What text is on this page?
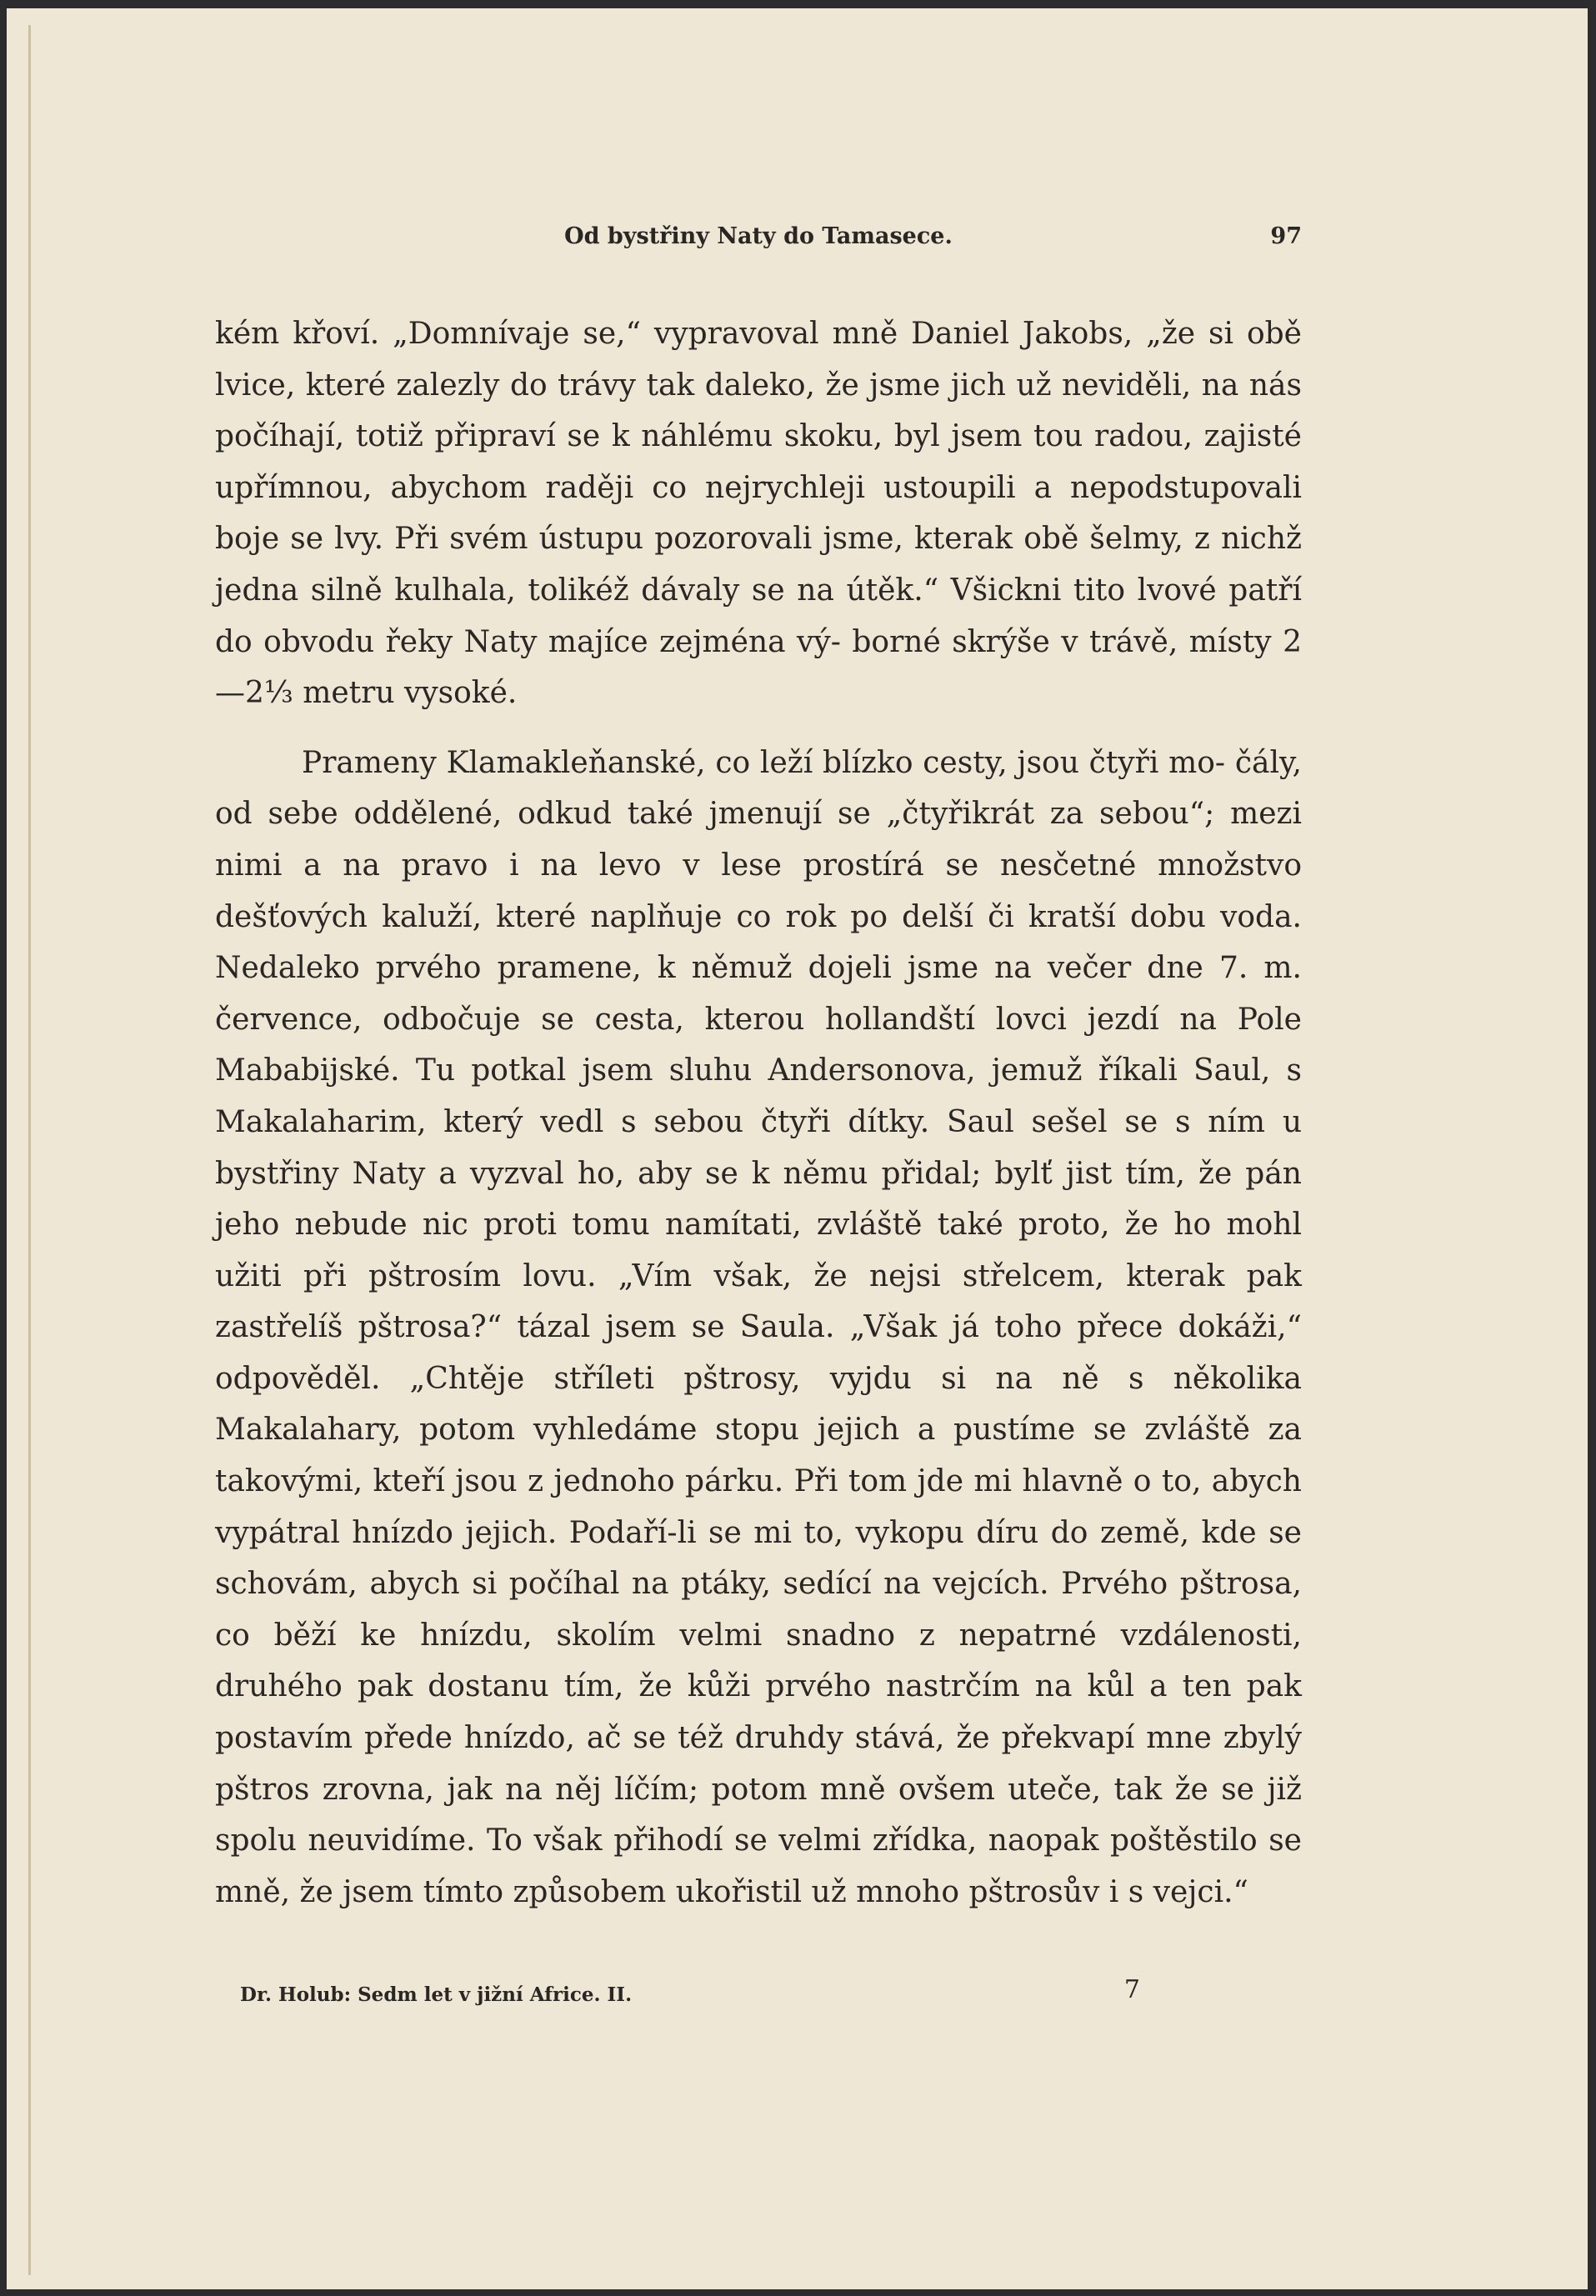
Od bystřiny Naty do Tamasece.	97

kém křoví. „Domnívaje se,“ vypravoval mně Daniel Jakobs, „že si obě lvice, které zalezly do trávy tak daleko, že jsme jich už neviděli, na nás počíhají, totiž připraví se k náhlému skoku, byl jsem tou radou, zajisté upřímnou, abychom raději co nejrychleji ustoupili a nepodstupovali boje se lvy. Při svém ústupu pozorovali jsme, kterak obě šelmy, z nichž jedna silně kulhala, tolikéž dávaly se na útěk.“ Všickni tito lvové patří do obvodu řeky Naty majíce zejména vý- borné skrýše v trávě, místy 2—2⅓ metru vysoké.

Prameny Klamakleňanské, co leží blízko cesty, jsou čtyři mo- čály, od sebe oddělené, odkud také jmenují se „čtyřikrát za sebou“; mezi nimi a na pravo i na levo v lese prostírá se nesčetné množstvo dešťových kaluží, které naplňuje co rok po delší či kratší dobu voda. Nedaleko prvého pramene, k němuž dojeli jsme na večer dne 7. m. července, odbočuje se cesta, kterou hollandští lovci jezdí na Pole Mababijské. Tu potkal jsem sluhu Andersonova, jemuž říkali Saul, s Makalaharim, který vedl s sebou čtyři dítky. Saul sešel se s ním u bystřiny Naty a vyzval ho, aby se k němu přidal; bylť jist tím, že pán jeho nebude nic proti tomu namítati, zvláště také proto, že ho mohl užiti při pštrosím lovu. „Vím však, že nejsi střelcem, kterak pak zastřelíš pštrosa?“ tázal jsem se Saula. „Však já toho přece dokáži,“ odpověděl. „Chtěje stříleti pštrosy, vyjdu si na ně s několika Makalahary, potom vyhledáme stopu jejich a pustíme se zvláště za takovými, kteří jsou z jednoho párku. Při tom jde mi hlavně o to, abych vypátral hnízdo jejich. Podaří-li se mi to, vykopu díru do země, kde se schovám, abych si počíhal na ptáky, sedící na vejcích. Prvého pštrosa, co běží ke hnízdu, skolím velmi snadno z nepatrné vzdálenosti, druhého pak dostanu tím, že kůži prvého nastrčím na kůl a ten pak postavím přede hnízdo, ač se též druhdy stává, že překvapí mne zbylý pštros zrovna, jak na něj líčím; potom mně ovšem uteče, tak že se již spolu neuvidíme. To však přihodí se velmi zřídka, naopak poštěstilo se mně, že jsem tímto způsobem ukořistil už mnoho pštrosův i s vejci.“

Dr. Holub: Sedm let v jižní Africe. II.	7
